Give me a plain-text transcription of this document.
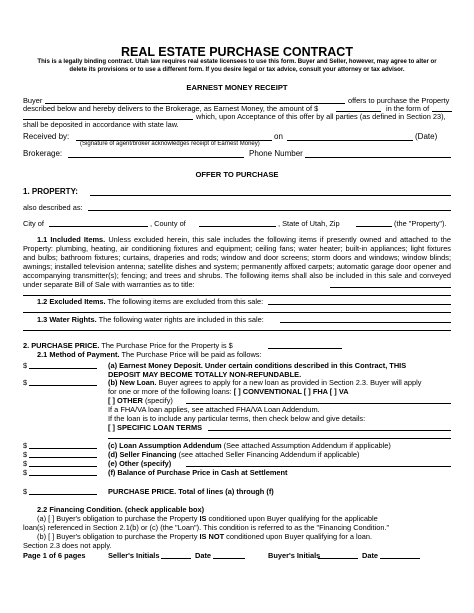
REAL ESTATE PURCHASE CONTRACT
This is a legally binding contract. Utah law requires real estate licensees to use this form. Buyer and Seller, however, may agree to alter or
delete its provisions or to use a different form. If you desire legal or tax advice, consult your attorney or tax advisor.
EARNEST MONEY RECEIPT
Buyer	offers to purchase the Property
described below and hereby delivers to the Brokerage, as Earnest Money, the amount of $	in the form of
which, upon Acceptance of this offer by all parties (as defined in Section 23),
shall be deposited in accordance with state law.
Received by:	on	(Date)
(Signature of agent/broker acknowledges receipt of Earnest Money)
Brokerage:	Phone Number
OFFER TO PURCHASE
1. PROPERTY:
also described as:
City of	, County of	, State of Utah, Zip	(the "Property").
1.1 Included Items. Unless excluded herein, this sale includes the following items if presently owned and attached to the Property: plumbing, heating, air conditioning fixtures and equipment; ceiling fans; water heater; built-in appliances; light fixtures and bulbs; bathroom fixtures; curtains, draperies and rods; window and door screens; storm doors and windows; window blinds; awnings; installed television antenna; satellite dishes and system; permanently affixed carpets; automatic garage door opener and accompanying transmitter(s); fencing; and trees and shrubs. The following items shall also be included in this sale and conveyed under separate Bill of Sale with warranties as to title:
1.2 Excluded Items. The following items are excluded from this sale:
1.3 Water Rights. The following water rights are included in this sale:
2. PURCHASE PRICE. The Purchase Price for the Property is $
2.1 Method of Payment. The Purchase Price will be paid as follows:
$	(a) Earnest Money Deposit. Under certain conditions described in this Contract, THIS
DEPOSIT MAY BECOME TOTALLY NON-REFUNDABLE.
$	(b) New Loan. Buyer agrees to apply for a new loan as provided in Section 2.3. Buyer will apply
for one or more of the following loans: [ ] CONVENTIONAL [ ] FHA [ ] VA
[ ] OTHER (specify)
If a FHA/VA loan applies, see attached FHA/VA Loan Addendum.
If the loan is to include any particular terms, then check below and give details:
[ ] SPECIFIC LOAN TERMS
$	(c) Loan Assumption Addendum (See attached Assumption Addendum if applicable)
$	(d) Seller Financing (see attached Seller Financing Addendum if applicable)
$	(e) Other (specify)
$	(f) Balance of Purchase Price in Cash at Settlement
$	PURCHASE PRICE. Total of lines (a) through (f)
2.2 Financing Condition. (check applicable box)
(a) [ ] Buyer's obligation to purchase the Property IS conditioned upon Buyer qualifying for the applicable
loan(s) referenced in Section 2.1(b) or (c) (the "Loan"). This condition is referred to as the "Financing Condition."
(b) [ ] Buyer's obligation to purchase the Property IS NOT conditioned upon Buyer qualifying for a loan.
Section 2.3 does not apply.
Page 1 of 6 pages	Seller's Initials	Date	Buyer's Initials	Date
